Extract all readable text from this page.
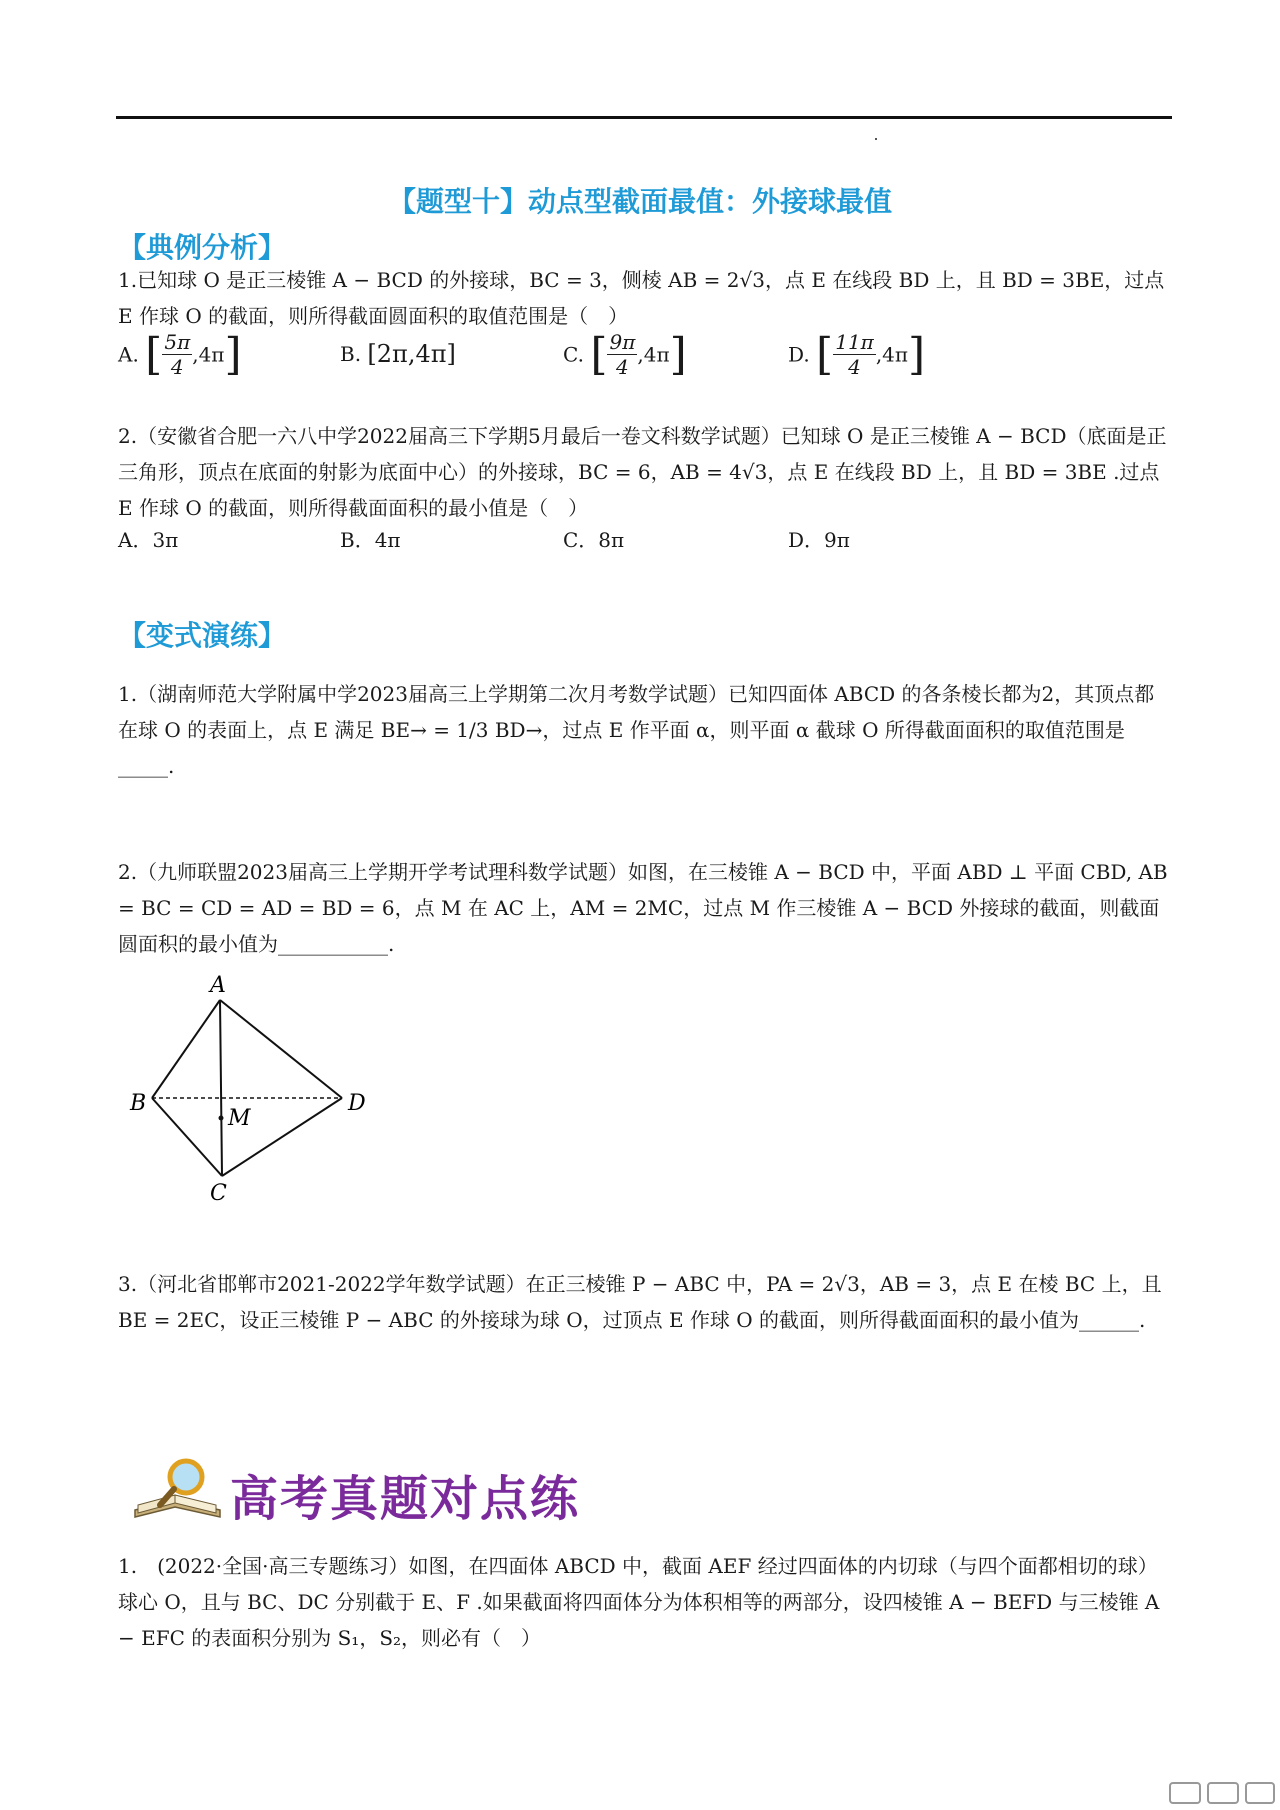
【题型十】动点型截面最值：外接球最值
【典例分析】
1.已知球 O 是正三棱锥 A − BCD 的外接球，BC = 3，侧棱 AB = 2√3，点 E 在线段 BD 上，且 BD = 3BE，过点 E 作球 O 的截面，则所得截面圆面积的取值范围是（　）
A. [ $\frac{5\pi}{4} ,4\pi$]	B. [2π,4π]	C. [ $\frac{9\pi}{4} ,4\pi$]	D. [ $\frac{11\pi}{4} ,4\pi$]
2.（安徽省合肥一六八中学2022届高三下学期5月最后一卷文科数学试题）已知球 O 是正三棱锥 A − BCD（底面是正三角形，顶点在底面的射影为底面中心）的外接球，BC = 6，AB = 4√3，点 E 在线段 BD 上，且 BD = 3BE .过点 E 作球 O 的截面，则所得截面面积的最小值是（　）
A．3π	B．4π	C．8π	D．9π
【变式演练】
1.（湖南师范大学附属中学2023届高三上学期第二次月考数学试题）已知四面体 ABCD 的各条棱长都为2，其顶点都在球 O 的表面上，点 E 满足 BE→ = 1/3 BD→，过点 E 作平面 α，则平面 α 截球 O 所得截面面积的取值范围是_____.
2.（九师联盟2023届高三上学期开学考试理科数学试题）如图，在三棱锥 A − BCD 中，平面 ABD ⊥ 平面 CBD, AB = BC = CD = AD = BD = 6，点 M 在 AC 上，AM = 2MC，过点 M 作三棱锥 A − BCD 外接球的截面，则截面圆面积的最小值为___________.
A
B
C
D
M
3.（河北省邯郸市2021-2022学年数学试题）在正三棱锥 P − ABC 中，PA = 2√3，AB = 3，点 E 在棱 BC 上，且 BE = 2EC，设正三棱锥 P − ABC 的外接球为球 O，过顶点 E 作球 O 的截面，则所得截面面积的最小值为______.
高考真题对点练
1.　(2022·全国·高三专题练习）如图，在四面体 ABCD 中，截面 AEF 经过四面体的内切球（与四个面都相切的球）球心 O，且与 BC、DC 分别截于 E、F .如果截面将四面体分为体积相等的两部分，设四棱锥 A − BEFD 与三棱锥 A − EFC 的表面积分别为 S₁，S₂，则必有（　）
